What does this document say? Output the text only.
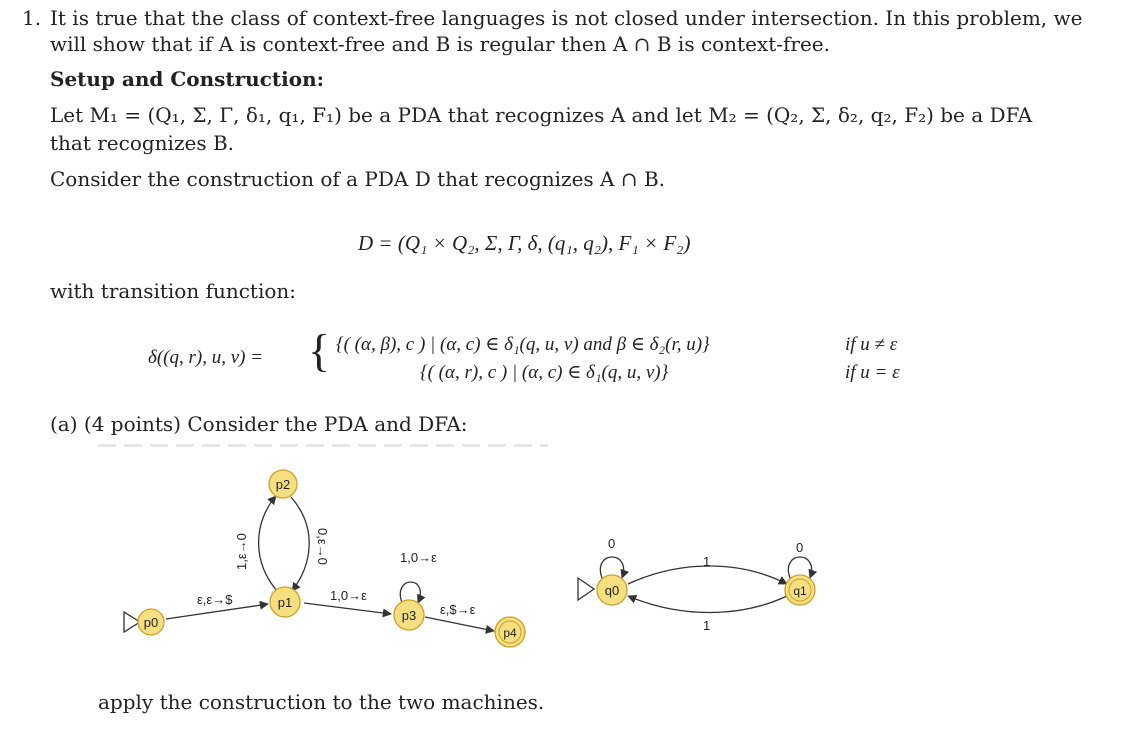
1. It is true that the class of context-free languages is not closed under intersection. In this problem, we
will show that if A is context-free and B is regular then A ∩ B is context-free.
Setup and Construction:
Let M₁ = (Q₁, Σ, Γ, δ₁, q₁, F₁) be a PDA that recognizes A and let M₂ = (Q₂, Σ, δ₂, q₂, F₂) be a DFA
that recognizes B.
Consider the construction of a PDA D that recognizes A ∩ B.
D = (Q₁ × Q₂, Σ, Γ, δ, (q₁, q₂), F₁ × F₂)
with transition function:
δ((q, r), u, v) = { {( (α, β), c ) | (α, c) ∈ δ₁(q, u, v) and β ∈ δ₂(r, u)}	if u ≠ ε
{( (α, r), c ) | (α, c) ∈ δ₁(q, u, v)}	if u = ε
(a) (4 points) Consider the PDA and DFA:
p0
p1
p2
p3
p4
ε,ε→$
1,ε→0	0,ε→0
1,0→ε
1,0→ε
ε,$→ε
q0	q1
0	0
1
1
apply the construction to the two machines.
